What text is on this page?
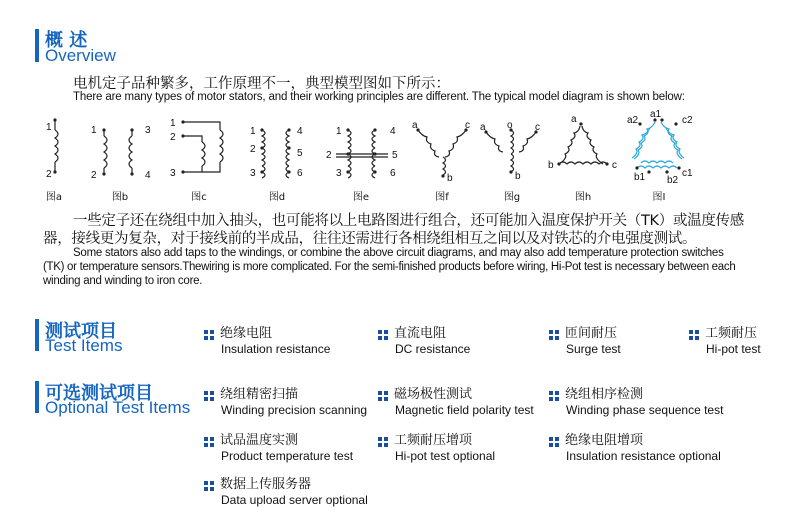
概 述
Overview
电机定子品种繁多，工作原理不一，典型模型图如下所示：
There are many types of motor stators, and their working principles are different. The typical model diagram is shown below:
1
2
1
2
3
4
1
2
3
1
2
3
4
5
6
1
2
3
4
5
6
a	c
b
a o c
b
a
b	c
a1
a2	c2
b1 b2
c1
图a	图b	图c	图d	图e	图f	图g	图h	图I
一些定子还在绕组中加入抽头，也可能将以上电路图进行组合，还可能加入温度保护开关（TK）或温度传感
器，接线更为复杂，对于接线前的半成品，往往还需进行各相绕组相互之间以及对铁芯的介电强度测试。
Some stators also add taps to the windings, or combine the above circuit diagrams, and may also add temperature protection switches
(TK) or temperature sensors.Thewiring is more complicated. For the semi-finished products before wiring, Hi-Pot test is necessary between each
winding and winding to iron core.
测试项目
Test Items
绝缘电阻
Insulation resistance
直流电阻
DC resistance
匝间耐压
Surge test
工频耐压
Hi-pot test
可选测试项目
Optional Test Items
绕组精密扫描
Winding precision scanning
磁场极性测试
Magnetic field polarity test
绕组相序检测
Winding phase sequence test
试品温度实测
Product temperature test
工频耐压增项
Hi-pot test optional
绝缘电阻增项
Insulation resistance optional
数据上传服务器
Data upload server optional
